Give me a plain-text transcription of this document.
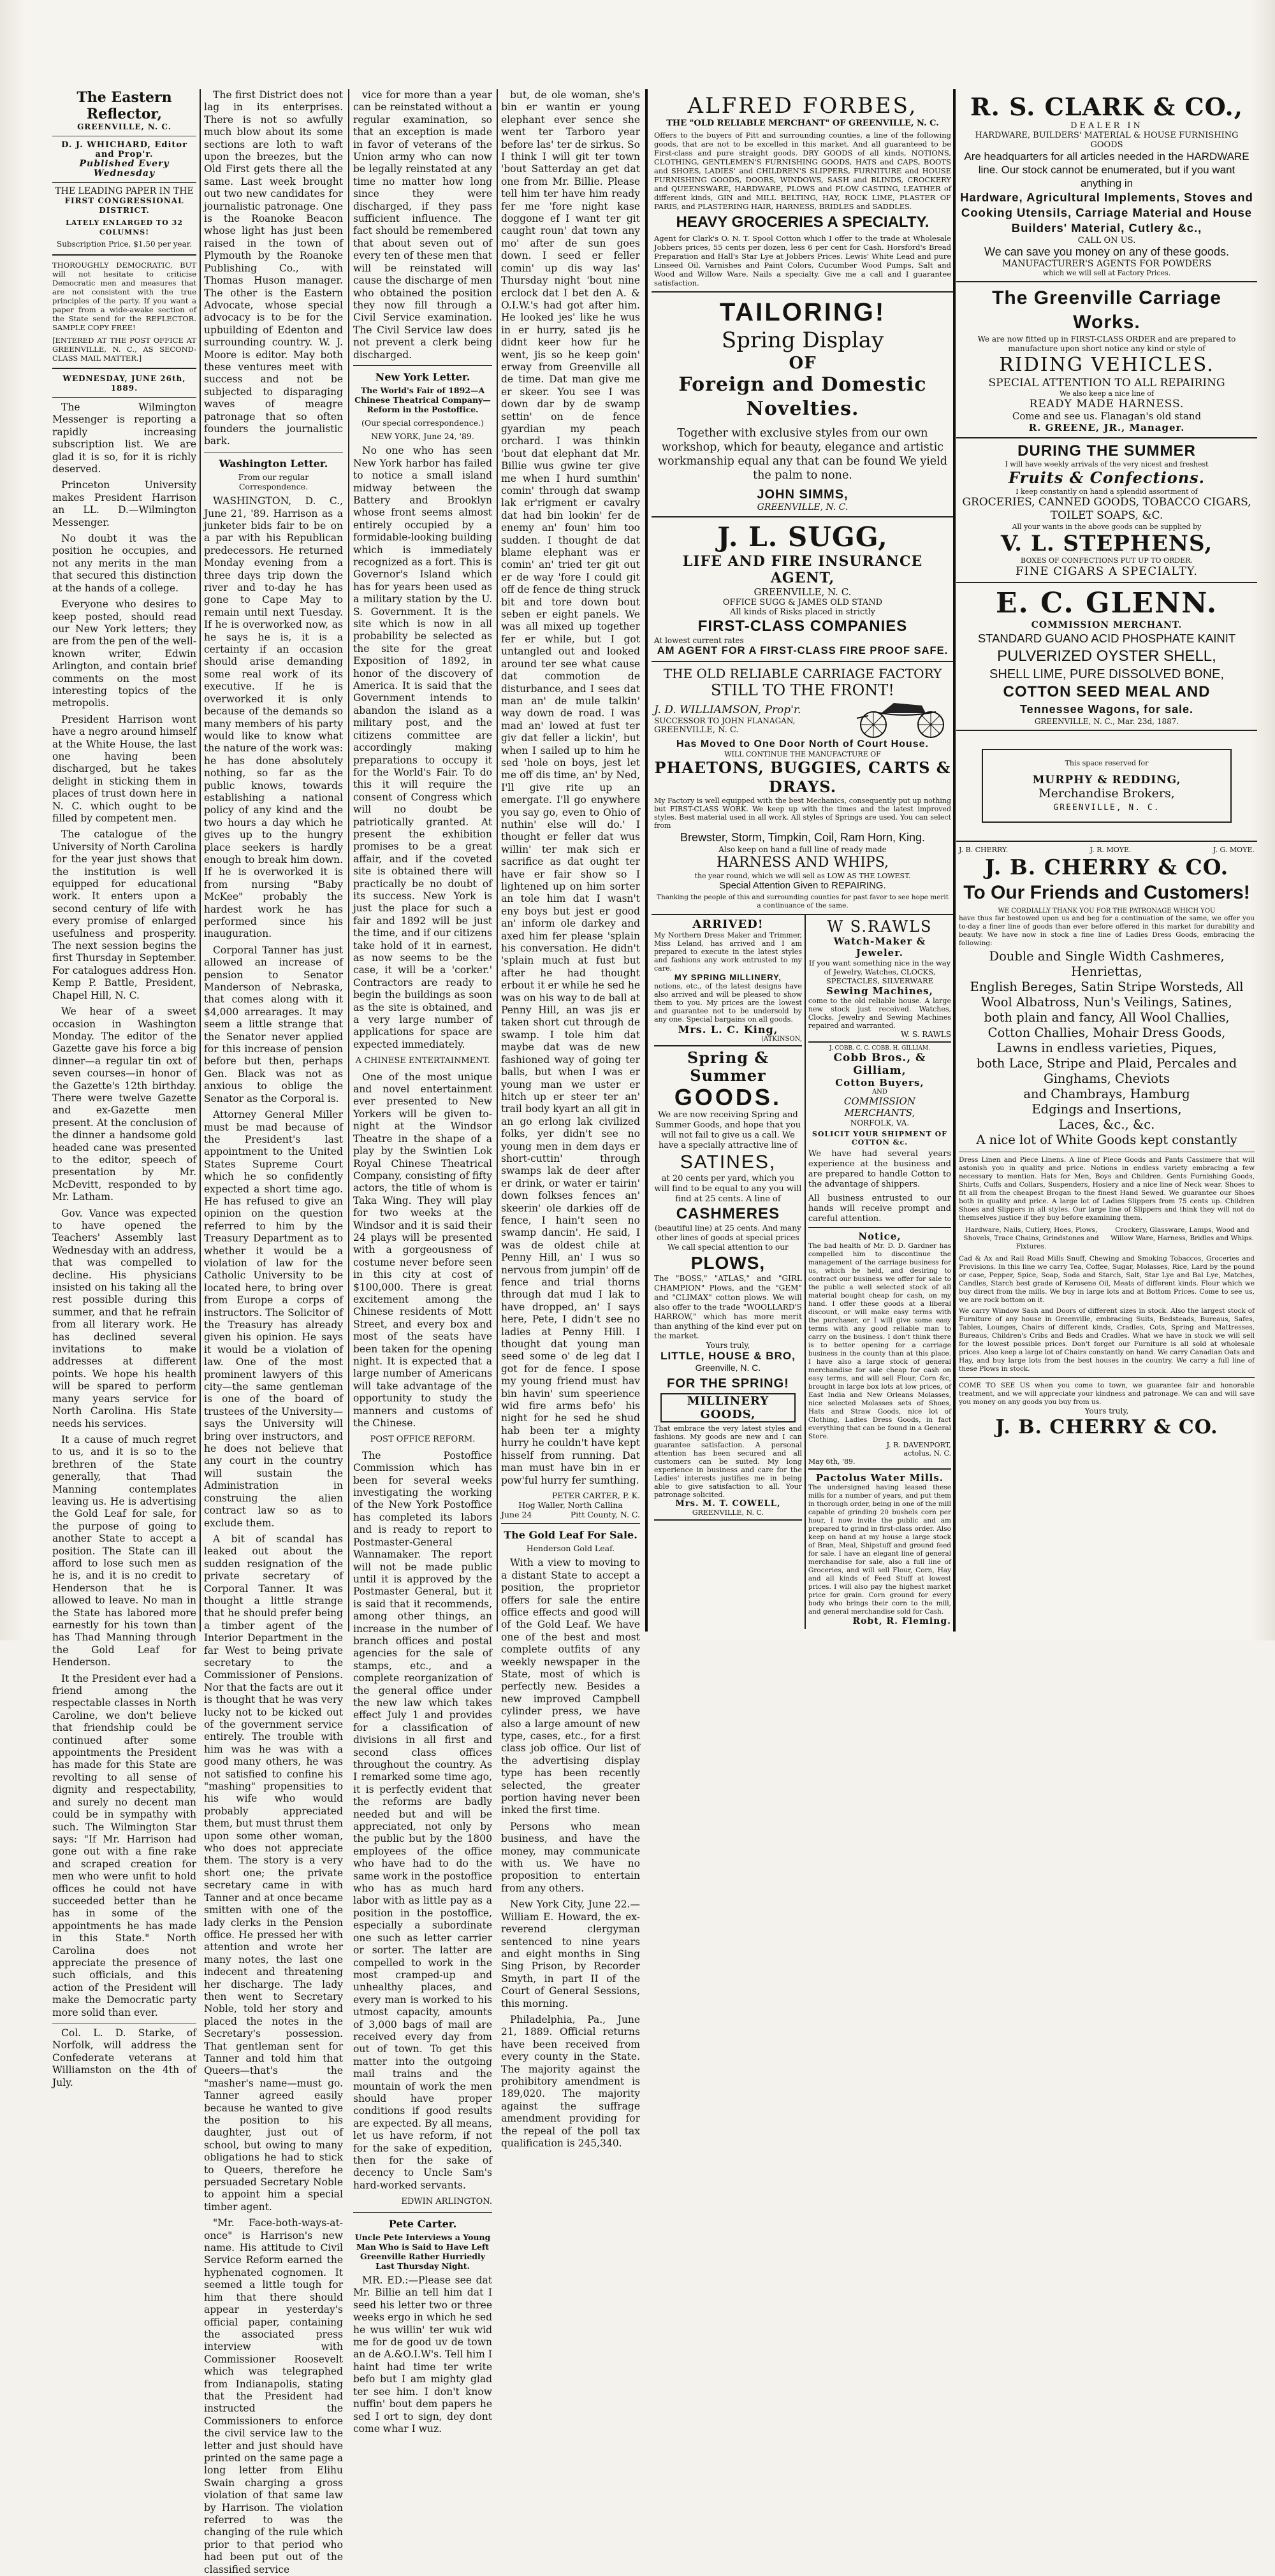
The Eastern Reflector,
GREENVILLE, N. C.
D. J. WHICHARD, Editor and Prop'r.
Published Every Wednesday
THE LEADING PAPER IN THE
FIRST CONGRESSIONAL DISTRICT.
LATELY ENLARGED TO 32 COLUMNS!
Subscription Price, $1.50 per year.
THOROUGHLY DEMOCRATIC, BUT will not hesitate to criticise Democratic men and measures that are not consistent with the true principles of the party. If you want a paper from a wide-awake section of the State send for the REFLECTOR. SAMPLE COPY FREE!
[ENTERED AT THE POST OFFICE AT GREENVILLE, N. C., AS SECOND-CLASS MAIL MATTER.]
WEDNESDAY, JUNE 26th, 1889.

The Wilmington Messenger is reporting a rapidly increasing subscription list. We are glad it is so, for it is richly deserved.

Princeton University makes President Harrison an LL. D.—Wilmington Messenger.

No doubt it was the position he occupies, and not any merits in the man that secured this distinction at the hands of a college.

Everyone who desires to keep posted, should read our New York letters; they are from the pen of the well-known writer, Edwin Arlington, and contain brief comments on the most interesting topics of the metropolis.

President Harrison wont have a negro around himself at the White House, the last one having been discharged, but he takes delight in sticking them in places of trust down here in N. C. which ought to be filled by competent men.

The catalogue of the University of North Carolina for the year just shows that the institution is well equipped for educational work. It enters upon a second century of life with every promise of enlarged usefulness and prosperity. The next session begins the first Thursday in September. For catalogues address Hon. Kemp P. Battle, President, Chapel Hill, N. C.

We hear of a sweet occasion in Washington Monday. The editor of the Gazette gave his force a big dinner—a regular tin oxt of seven courses—in honor of the Gazette's 12th birthday. There were twelve Gazette and ex-Gazette men present. At the conclusion of the dinner a handsome gold headed cane was presented to the editor, speech of presentation by Mr. McDevitt, responded to by Mr. Latham.

Gov. Vance was expected to have opened the Teachers' Assembly last Wednesday with an address, that was compelled to decline. His physicians insisted on his taking all the rest possible during this summer, and that he refrain from all literary work. He has declined several invitations to make addresses at different points. We hope his health will be spared to perform many years service for North Carolina. His State needs his services.

It a cause of much regret to us, and it is so to the brethren of the State generally, that Thad Manning contemplates leaving us. He is advertising the Gold Leaf for sale, for the purpose of going to another State to accept a position. The State can ill afford to lose such men as he is, and it is no credit to Henderson that he is allowed to leave. No man in the State has labored more earnestly for his town than has Thad Manning through the Gold Leaf for Henderson.

It the President ever had a friend among the respectable classes in North Caroline, we don't believe that friendship could be continued after some appointments the President has made for this State are revolting to all sense of dignity and respectability, and surely no decent man could be in sympathy with such. The Wilmington Star says: "If Mr. Harrison had gone out with a fine rake and scraped creation for men who were unfit to hold offices he could not have succeeded better than he has in some of the appointments he has made in this State." North Carolina does not appreciate the presence of such officials, and this action of the President will make the Democratic party more solid than ever.

Col. L. D. Starke, of Norfolk, will address the Confederate veterans at Williamston on the 4th of July.

The first District does not lag in its enterprises. There is not so awfully much blow about its some sections are loth to waft upon the breezes, but the Old First gets there all the same. Last week brought out two new candidates for journalistic patronage. One is the Roanoke Beacon whose light has just been raised in the town of Plymouth by the Roanoke Publishing Co., with Thomas Huson manager. The other is the Eastern Advocate, whose special advocacy is to be for the upbuilding of Edenton and surrounding country. W. J. Moore is editor. May both these ventures meet with success and not be subjected to disparaging waves of meagre patronage that so often founders the journalistic bark.

Washington Letter.
From our regular Correspondence.

WASHINGTON, D. C., June 21, '89. Harrison as a junketer bids fair to be on a par with his Republican predecessors. He returned Monday evening from a three days trip down the river and to-day he has gone to Cape May to remain until next Tuesday. If he is overworked now, as he says he is, it is a certainty if an occasion should arise demanding some real work of its executive. If he is overworked it is only because of the demands so many members of his party would like to know what the nature of the work was: he has done absolutely nothing, so far as the public knows, towards establishing a national policy of any kind and the two hours a day which he gives up to the hungry place seekers is hardly enough to break him down. If he is overworked it is from nursing "Baby McKee" probably the hardest work he has performed since his inauguration.

Corporal Tanner has just allowed an increase of pension to Senator Manderson of Nebraska, that comes along with it $4,000 arrearages. It may seem a little strange that the Senator never applied for this increase of pension before but then, perhaps Gen. Black was not as anxious to oblige the Senator as the Corporal is.

Attorney General Miller must be mad because of the President's last appointment to the United States Supreme Court which he so confidently expected a short time ago. He has refused to give an opinion on the question referred to him by the Treasury Department as to whether it would be a violation of law for the Catholic University to be located here, to bring over from Europe a corps of instructors. The Solicitor of the Treasury has already given his opinion. He says it would be a violation of law. One of the most prominent lawyers of this city—the same gentleman is one of the board of trustees of the University—says the University will bring over instructors, and he does not believe that any court in the country will sustain the Administration in construing the alien contract law so as to exclude them.

A bit of scandal has leaked out about the sudden resignation of the private secretary of Corporal Tanner. It was thought a little strange that he should prefer being a timber agent of the Interior Department in the far West to being private secretary to the Commissioner of Pensions. Nor that the facts are out it is thought that he was very lucky not to be kicked out of the government service entirely. The trouble with him was he was with a good many others, he was not satisfied to confine his "mashing" propensities to his wife who would probably appreciated them, but must thrust them upon some other woman, who does not appreciate them. The story is a very short one; the private secretary came in with Tanner and at once became smitten with one of the lady clerks in the Pension office. He pressed her with attention and wrote her many notes, the last one indecent and threatening her discharge. The lady then went to Secretary Noble, told her story and placed the notes in the Secretary's possession. That gentleman sent for Tanner and told him that Queers—that's the "masher's name—must go. Tanner agreed easily because he wanted to give the position to his daughter, just out of school, but owing to many obligations he had to stick to Queers, therefore he persuaded Secretary Noble to appoint him a special timber agent.

"Mr. Face-both-ways-at-once" is Harrison's new name. His attitude to Civil Service Reform earned the hyphenated cognomen. It seemed a little tough for him that there should appear in yesterday's official paper, containing the associated press interview with Commissioner Roosevelt which was telegraphed from Indianapolis, stating that the President had instructed the Commissioners to enforce the civil service law to the letter and just should have printed on the same page a long letter from Elihu Swain charging a gross violation of that same law by Harrison. The violation referred to was the changing of the rule which prior to that period who had been put out of the classified service

vice for more than a year can be reinstated without a regular examination, so that an exception is made in favor of veterans of the Union army who can now be legally reinstated at any time no matter how long since they were discharged, if they pass sufficient influence. The fact should be remembered that about seven out of every ten of these men that will be reinstated will cause the discharge of men who obtained the position they now fill through a Civil Service examination. The Civil Service law does not prevent a clerk being discharged.

New York Letter.
The World's Fair of 1892—A Chinese Theatrical Company—Reform in the Postoffice.
(Our special correspondence.)
NEW YORK, June 24, '89.

No one who has seen New York harbor has failed to notice a small island midway between the Battery and Brooklyn whose front seems almost entirely occupied by a formidable-looking building which is immediately recognized as a fort. This is Governor's Island which has for years been used as a military station by the U. S. Government. It is the site which is now in all probability be selected as the site for the great Exposition of 1892, in honor of the discovery of America. It is said that the Government intends to abandon the island as a military post, and the citizens committee are accordingly making preparations to occupy it for the World's Fair. To do this it will require the consent of Congress which will no doubt be patriotically granted. At present the exhibition promises to be a great affair, and if the coveted site is obtained there will practically be no doubt of its success. New York is just the place for such a fair and 1892 will be just the time, and if our citizens take hold of it in earnest, as now seems to be the case, it will be a 'corker.' Contractors are ready to begin the buildings as soon as the site is obtained, and a very large number of applications for space are expected immediately.

A CHINESE ENTERTAINMENT.

One of the most unique and novel entertainment ever presented to New Yorkers will be given to-night at the Windsor Theatre in the shape of a play by the Swintien Lok Royal Chinese Theatrical Company, consisting of fifty actors, the title of whom is Taka Wing. They will play for two weeks at the Windsor and it is said their 24 plays will be presented with a gorgeousness of costume never before seen in this city at cost of $100,000. There is great excitement among the Chinese residents of Mott Street, and every box and most of the seats have been taken for the opening night. It is expected that a large number of Americans will take advantage of the opportunity to study the manners and customs of the Chinese.

POST OFFICE REFORM.

The Postoffice Commission which has been for several weeks investigating the working of the New York Postoffice has completed its labors and is ready to report to Postmaster-General Wannamaker. The report will not be made public until it is approved by the Postmaster General, but it is said that it recommends, among other things, an increase in the number of branch offices and postal agencies for the sale of stamps, etc., and a complete reorganization of the general office under the new law which takes effect July 1 and provides for a classification of divisions in all first and second class offices throughout the country. As I remarked some time ago, it is perfectly evident that the reforms are badly needed but and will be appreciated, not only by the public but by the 1800 employees of the office who have had to do the same work in the postoffice who has as much hard labor with as little pay as a position in the postoffice, especially a subordinate one such as letter carrier or sorter. The latter are compelled to work in the most cramped-up and unhealthy places, and every man is worked to his utmost capacity, amounts of 3,000 bags of mail are received every day from out of town. To get this matter into the outgoing mail trains and the mountain of work the men should have proper conditions if good results are expected. By all means, let us have reform, if not for the sake of expedition, then for the sake of decency to Uncle Sam's hard-worked servants.

EDWIN ARLINGTON.

Pete Carter.
Uncle Pete Interviews a Young Man Who is Said to Have Left Greenville Rather Hurriedly Last Thursday Night.

MR. ED.:—Please see dat Mr. Billie an tell him dat I seed his letter two or three weeks ergo in which he sed he wus willin' ter wuk wid me for de good uv de town an de A.&O.I.W's. Tell him I haint had time ter write befo but I am mighty glad ter see him. I don't know nuffin' bout dem papers he sed I ort to sign, dey dont come whar I wuz.

but, de ole woman, she's bin er wantin er young elephant ever sence she went ter Tarboro year before las' ter de sirkus. So I think I will git ter town 'bout Satterday an get dat one from Mr. Billie. Please tell him ter have him ready fer me 'fore night kase doggone ef I want ter git caught roun' dat town any mo' after de sun goes down. I seed er feller comin' up dis way las' Thursday night 'bout nine erclock dat I bet den A. & O.I.W.'s had got after him. He looked jes' like he wus in er hurry, sated jis he didnt keer how fur he went, jis so he keep goin' erway from Greenville all de time. Dat man give me er skeer. You see I was down dar by de swamp settin' on de fence gyardian my peach orchard. I was thinkin 'bout dat elephant dat Mr. Billie wus gwine ter give me when I hurd sumthin' comin' through dat swamp lak er'rigment er cavalry dat had bin lookin' fer de enemy an' foun' him too sudden. I thought de dat blame elephant was er comin' an' tried ter git out er de way 'fore I could git off de fence de thing struck bit and tore down bout seben er eight panels. We was all mixed up together fer er while, but I got untangled out and looked around ter see what cause dat commotion de disturbance, and I sees dat man an' de mule talkin' way down de road. I was mad an' lowed at fust ter giv dat feller a lickin', but when I sailed up to him he sed 'hole on boys, jest let me off dis time, an' by Ned, I'll give rite up an emergate. I'll go enywhere you say go, even to Ohio of nuthin' else will do.' I thought er feller dat wus willin' ter mak sich er sacrifice as dat ought ter have er fair show so I lightened up on him sorter an tole him dat I wasn't eny boys but jest er good an' inform ole darkey and axed him fer please 'splain his conversation. He didn't 'splain much at fust but after he had thought erbout it er while he sed he was on his way to de ball at Penny Hill, an was jis er taken short cut through de swamp. I tole him dat maybe dat was de new fashioned way of going ter balls, but when I was er young man we uster er hitch up er steer ter an' trail body kyart an all git in an go erlong lak civilized folks, yer didn't see no young men in dem days er short-cuttin' through swamps lak de deer after er drink, or water er tairin' down folkses fences an' skeerin' ole darkies off de fence, I hain't seen no swamp dancin'. He said, I was de oldest chile at Penny Hill, an' I wus so nervous from jumpin' off de fence and trial thorns through dat mud I lak to have dropped, an' I says here, Pete, I didn't see no ladies at Penny Hill. I thought dat young man seed some o' de leg dat I got for de fence. I spose my young friend must hav bin havin' sum speerience wid fire arms befo' his night for he sed he shud hab been ter a mighty hurry he couldn't have kept hisself from running. Dat man must have bin in er pow'ful hurry fer sumthing.

PETER CARTER, P. K.
Hog Waller, North Callina
June 24	Pitt County, N. C.
The Gold Leaf For Sale.
Henderson Gold Leaf.

With a view to moving to a distant State to accept a position, the proprietor offers for sale the entire office effects and good will of the Gold Leaf. We have one of the best and most complete outfits of any weekly newspaper in the State, most of which is perfectly new. Besides a new improved Campbell cylinder press, we have also a large amount of new type, cases, etc., for a first class job office. Our list of the advertising display type has been recently selected, the greater portion having never been inked the first time.

Persons who mean business, and have the money, may communicate with us. We have no proposition to entertain from any others.

New York City, June 22.—William E. Howard, the ex-reverend clergyman sentenced to nine years and eight months in Sing Sing Prison, by Recorder Smyth, in part II of the Court of General Sessions, this morning.

Philadelphia, Pa., June 21, 1889. Official returns have been received from every county in the State. The majority against the prohibitory amendment is 189,020. The majority against the suffrage amendment providing for the repeal of the poll tax qualification is 245,340.

ALFRED FORBES,
THE "OLD RELIABLE MERCHANT" OF GREENVILLE, N. C.
Offers to the buyers of Pitt and surrounding counties, a line of the following goods, that are not to be excelled in this market. And all guaranteed to be First-class and pure straight goods. DRY GOODS of all kinds, NOTIONS, CLOTHING, GENTLEMEN'S FURNISHING GOODS, HATS and CAPS, BOOTS and SHOES, LADIES' and CHILDREN'S SLIPPERS, FURNITURE and HOUSE FURNISHING GOODS, DOORS, WINDOWS, SASH and BLINDS, CROCKERY and QUEENSWARE, HARDWARE, PLOWS and PLOW CASTING, LEATHER of different kinds, GIN and MILL BELTING, HAY, ROCK LIME, PLASTER OF PARIS, and PLASTERING HAIR, HARNESS, BRIDLES and SADDLES.
HEAVY GROCERIES A SPECIALTY.
Agent for Clark's O. N. T. Spool Cotton which I offer to the trade at Wholesale Jobbers prices, 55 cents per dozen, less 6 per cent for Cash. Horsford's Bread Preparation and Hall's Star Lye at Jobbers Prices. Lewis' White Lead and pure Linseed Oil, Varnishes and Paint Colors, Cucumber Wood Pumps, Salt and Wood and Willow Ware. Nails a specialty. Give me a call and I guarantee satisfaction.
TAILORING!
Spring Display
OF
Foreign and Domestic Novelties.
Together with exclusive styles from our own workshop, which for beauty, elegance and artistic workmanship equal any that can be found We yield the palm to none.
JOHN SIMMS,
GREENVILLE, N. C.
J. L. SUGG,
LIFE AND FIRE INSURANCE AGENT,
GREENVILLE, N. C.
OFFICE SUGG & JAMES OLD STAND
All kinds of Risks placed in strictly
FIRST-CLASS COMPANIES
At lowest current rates
AM AGENT FOR A FIRST-CLASS FIRE PROOF SAFE.
THE OLD RELIABLE CARRIAGE FACTORY
STILL TO THE FRONT!
J. D. WILLIAMSON, Prop'r.
SUCCESSOR TO JOHN FLANAGAN,
GREENVILLE, N. C.
Has Moved to One Door North of Court House.
WILL CONTINUE THE MANUFACTURE OF
PHAETONS, BUGGIES, CARTS & DRAYS.
My Factory is well equipped with the best Mechanics, consequently put up nothing but FIRST-CLASS WORK. We keep up with the times and the latest improved styles. Best material used in all work. All styles of Springs are used. You can select from
Brewster, Storm, Timpkin, Coil, Ram Horn, King.
Also keep on hand a full line of ready made
HARNESS AND WHIPS,
the year round, which we will sell as LOW AS THE LOWEST.
Special Attention Given to REPAIRING.
Thanking the people of this and surrounding counties for past favor to see hope merit a continuance of the same.
ARRIVED!
My Northern Dress Maker and Trimmer, Miss Leland, has arrived and I am prepared to execute in the latest styles and fashions any work entrusted to my care.
MY SPRING MILLINERY,
notions, etc., of the latest designs have also arrived and will be pleased to show them to you. My prices are the lowest and guarantee not to be undersold by any one. Special bargains on all goods.
Mrs. L. C. King,
(ATKINSON,
Spring & Summer
GOODS.
We are now receiving Spring and Summer Goods, and hope that you will not fail to give us a call. We have a specially attractive line of
SATINES,
at 20 cents per yard, which you will find to be equal to any you will find at 25 cents. A line of
CASHMERES
(beautiful line) at 25 cents. And many other lines of goods at special prices
We call special attention to our
PLOWS,
The "BOSS," "ATLAS," and "GIRL CHAMPION" Plows, and the "GEM" and "CLIMAX" cotton plows. We will also offer to the trade "WOOLLARD'S HARROW," which has more merit than anything of the kind ever put on the market.
Yours truly,
LITTLE, HOUSE & BRO,
Greenville, N. C.
FOR THE SPRING!
MILLINERY GOODS,
That embrace the very latest styles and fashions. My goods are new and I can guarantee satisfaction. A personal attention has been secured and all customers can be suited. My long experience in business and care for the Ladies' interests justifies me in being able to give satisfaction to all. Your patronage solicited.
Mrs. M. T. COWELL,
GREENVILLE, N. C.
W S.RAWLS
Watch-Maker & Jeweler.
If you want something nice in the way of Jewelry, Watches, CLOCKS, SPECTACLES, SILVERWARE
Sewing Machines,
come to the old reliable house. A large new stock just received. Watches, Clocks, Jewelry and Sewing Machines repaired and warranted.
W. S. RAWLS
J. COBB. C. C. COBB. H. GILLIAM.
Cobb Bros., & Gilliam,
Cotton Buyers,
AND
COMMISSION MERCHANTS,
NORFOLK, VA.
SOLICIT YOUR SHIPMENT OF COTTON &c.
We have had several years experience at the business and are prepared to handle Cotton to the advantage of shippers.
All business entrusted to our hands will receive prompt and careful attention.
Notice,
The bad health of Mr. D. D. Gardner has compelled him to discontinue the management of the carriage business for us, which he held, and desiring to contract our business we offer for sale to the public a well selected stock of all material bought cheap for cash, on my hand. I offer these goods at a liberal discount, or will make easy terms with the purchaser, or I will give some easy terms with any good reliable man to carry on the business. I don't think there is to better opening for a carriage business in the county than at this place. I have also a large stock of general merchandise for sale cheap for cash on easy terms, and will sell Flour, Corn &c, brought in large box lots at low prices, of East India and New Orleans Molasses, nice selected Molasses sets of Shoes, Hats and Straw Goods, nice lot of Clothing, Ladies Dress Goods, in fact everything that can be found in a General Store.
J. R. DAVENPORT,
actolus, N. C.
May 6th, '89.
Pactolus Water Mills.
The undersigned having leased these mills for a number of years, and put them in thorough order, being in one of the mill capable of grinding 20 bushels corn per hour, I now invite the public and am prepared to grind in first-class order. Also keep on hand at my house a large stock of Bran, Meal, Shipstuff and ground feed for sale. I have an elegant line of general merchandise for sale, also a full line of Groceries, and will sell Flour, Corn, Hay and all kinds of Feed Stuff at lowest prices. I will also pay the highest market price for grain. Corn ground for every body who brings their corn to the mill, and general merchandise sold for Cash.
Robt, R. Fleming.
R. S. CLARK & CO.,
DEALER IN
HARDWARE, BUILDERS' MATERIAL & HOUSE FURNISHING GOODS
Are headquarters for all articles needed in the HARDWARE line. Our stock cannot be enumerated, but if you want anything in
Hardware, Agricultural Implements, Stoves and Cooking Utensils, Carriage Material and House Builders' Material, Cutlery &c.,
CALL ON US.
We can save you money on any of these goods.
MANUFACTURER'S AGENTS FOR POWDERS
which we will sell at Factory Prices.
The Greenville Carriage Works.
We are now fitted up in FIRST-CLASS ORDER and are prepared to manufacture upon short notice any kind or style of
RIDING VEHICLES.
SPECIAL ATTENTION TO ALL REPAIRING
We also keep a nice line of
READY MADE HARNESS.
Come and see us. Flanagan's old stand
R. GREENE, JR., Manager.
DURING THE SUMMER
I will have weekly arrivals of the very nicest and freshest
Fruits & Confections.
I keep constantly on hand a splendid assortment of
GROCERIES, CANNED GOODS, TOBACCO CIGARS, TOILET SOAPS, &C.
All your wants in the above goods can be supplied by
V. L. STEPHENS,
BOXES OF CONFECTIONS PUT UP TO ORDER.
FINE CIGARS A SPECIALTY.
E. C. GLENN.
COMMISSION MERCHANT.
STANDARD GUANO ACID PHOSPHATE KAINIT
PULVERIZED OYSTER SHELL,
SHELL LIME, PURE DISSOLVED BONE,
COTTON SEED MEAL AND
Tennessee Wagons, for sale.
GREENVILLE, N. C., Mar. 23d, 1887.
This space reserved for
MURPHY & REDDING,
Merchandise Brokers,
GREENVILLE, N. C.
J. B. CHERRY.	J. R. MOYE.	J. G. MOYE.
J. B. CHERRY & CO.
To Our Friends and Customers!
WE CORDIALLY THANK YOU FOR THE PATRONAGE WHICH YOU
have thus far bestowed upon us and beg for a continuation of the same, we offer you to-day a finer line of goods than ever before offered in this market for durability and beauty. We have now in stock a fine line of Ladies Dress Goods, embracing the following:
Double and Single Width Cashmeres, Henriettas,
English Bereges, Satin Stripe Worsteds, All
Wool Albatross, Nun's Veilings, Satines,
both plain and fancy, All Wool Challies,
Cotton Challies, Mohair Dress Goods,
Lawns in endless varieties, Piques,
both Lace, Stripe and Plaid, Percales and Ginghams, Cheviots
and Chambrays, Hamburg
Edgings and Insertions,
Laces, &c., &c.
A nice lot of White Goods kept constantly
Dress Linen and Piece Linens. A line of Piece Goods and Pants Cassimere that will astonish you in quality and price. Notions in endless variety embracing a few necessary to mention. Hats for Men, Boys and Children. Gents Furnishing Goods, Shirts, Cuffs and Collars, Suspenders, Hosiery and a nice line of Neck wear. Shoes to fit all from the cheapest Brogan to the finest Hand Sewed. We guarantee our Shoes both in quality and price. A large lot of Ladies Slippers from 75 cents up. Children Shoes and Slippers in all styles. Our large line of Slippers and think they will not do themselves justice if they buy before examining them.
Hardware, Nails, Cutlery, Hoes, Plows, Shovels, Trace Chains, Grindstones and Fixtures.
Crockery, Glassware, Lamps, Wood and Willow Ware, Harness, Bridles and Whips.
Cad & Ax and Rail Road Mills Snuff, Chewing and Smoking Tobaccos, Groceries and Provisions. In this line we carry Tea, Coffee, Sugar, Molasses, Rice, Lard by the pound or case, Pepper, Spice, Soap, Soda and Starch, Salt, Star Lye and Bal Lye, Matches, Candles, Starch best grade of Kerosene Oil, Meats of different kinds. Flour which we buy direct from the mills. We buy in large lots and at Bottom Prices. Come to see us, we are rock bottom on it.
We carry Window Sash and Doors of different sizes in stock. Also the largest stock of Furniture of any house in Greenville, embracing Suits, Bedsteads, Bureaus, Safes, Tables, Lounges, Chairs of different kinds, Cradles, Cots, Spring and Mattresses, Bureaus, Children's Cribs and Beds and Cradles. What we have in stock we will sell for the lowest possible prices. Don't forget our Furniture is all sold at wholesale prices. Also keep a large lot of Chairs constantly on hand. We carry Canadian Oats and Hay, and buy large lots from the best houses in the country. We carry a full line of these Plows in stock.
COME TO SEE US when you come to town, we guarantee fair and honorable treatment, and we will appreciate your kindness and patronage. We can and will save you money on any goods you buy from us.
Yours truly,
J. B. CHERRY & CO.
